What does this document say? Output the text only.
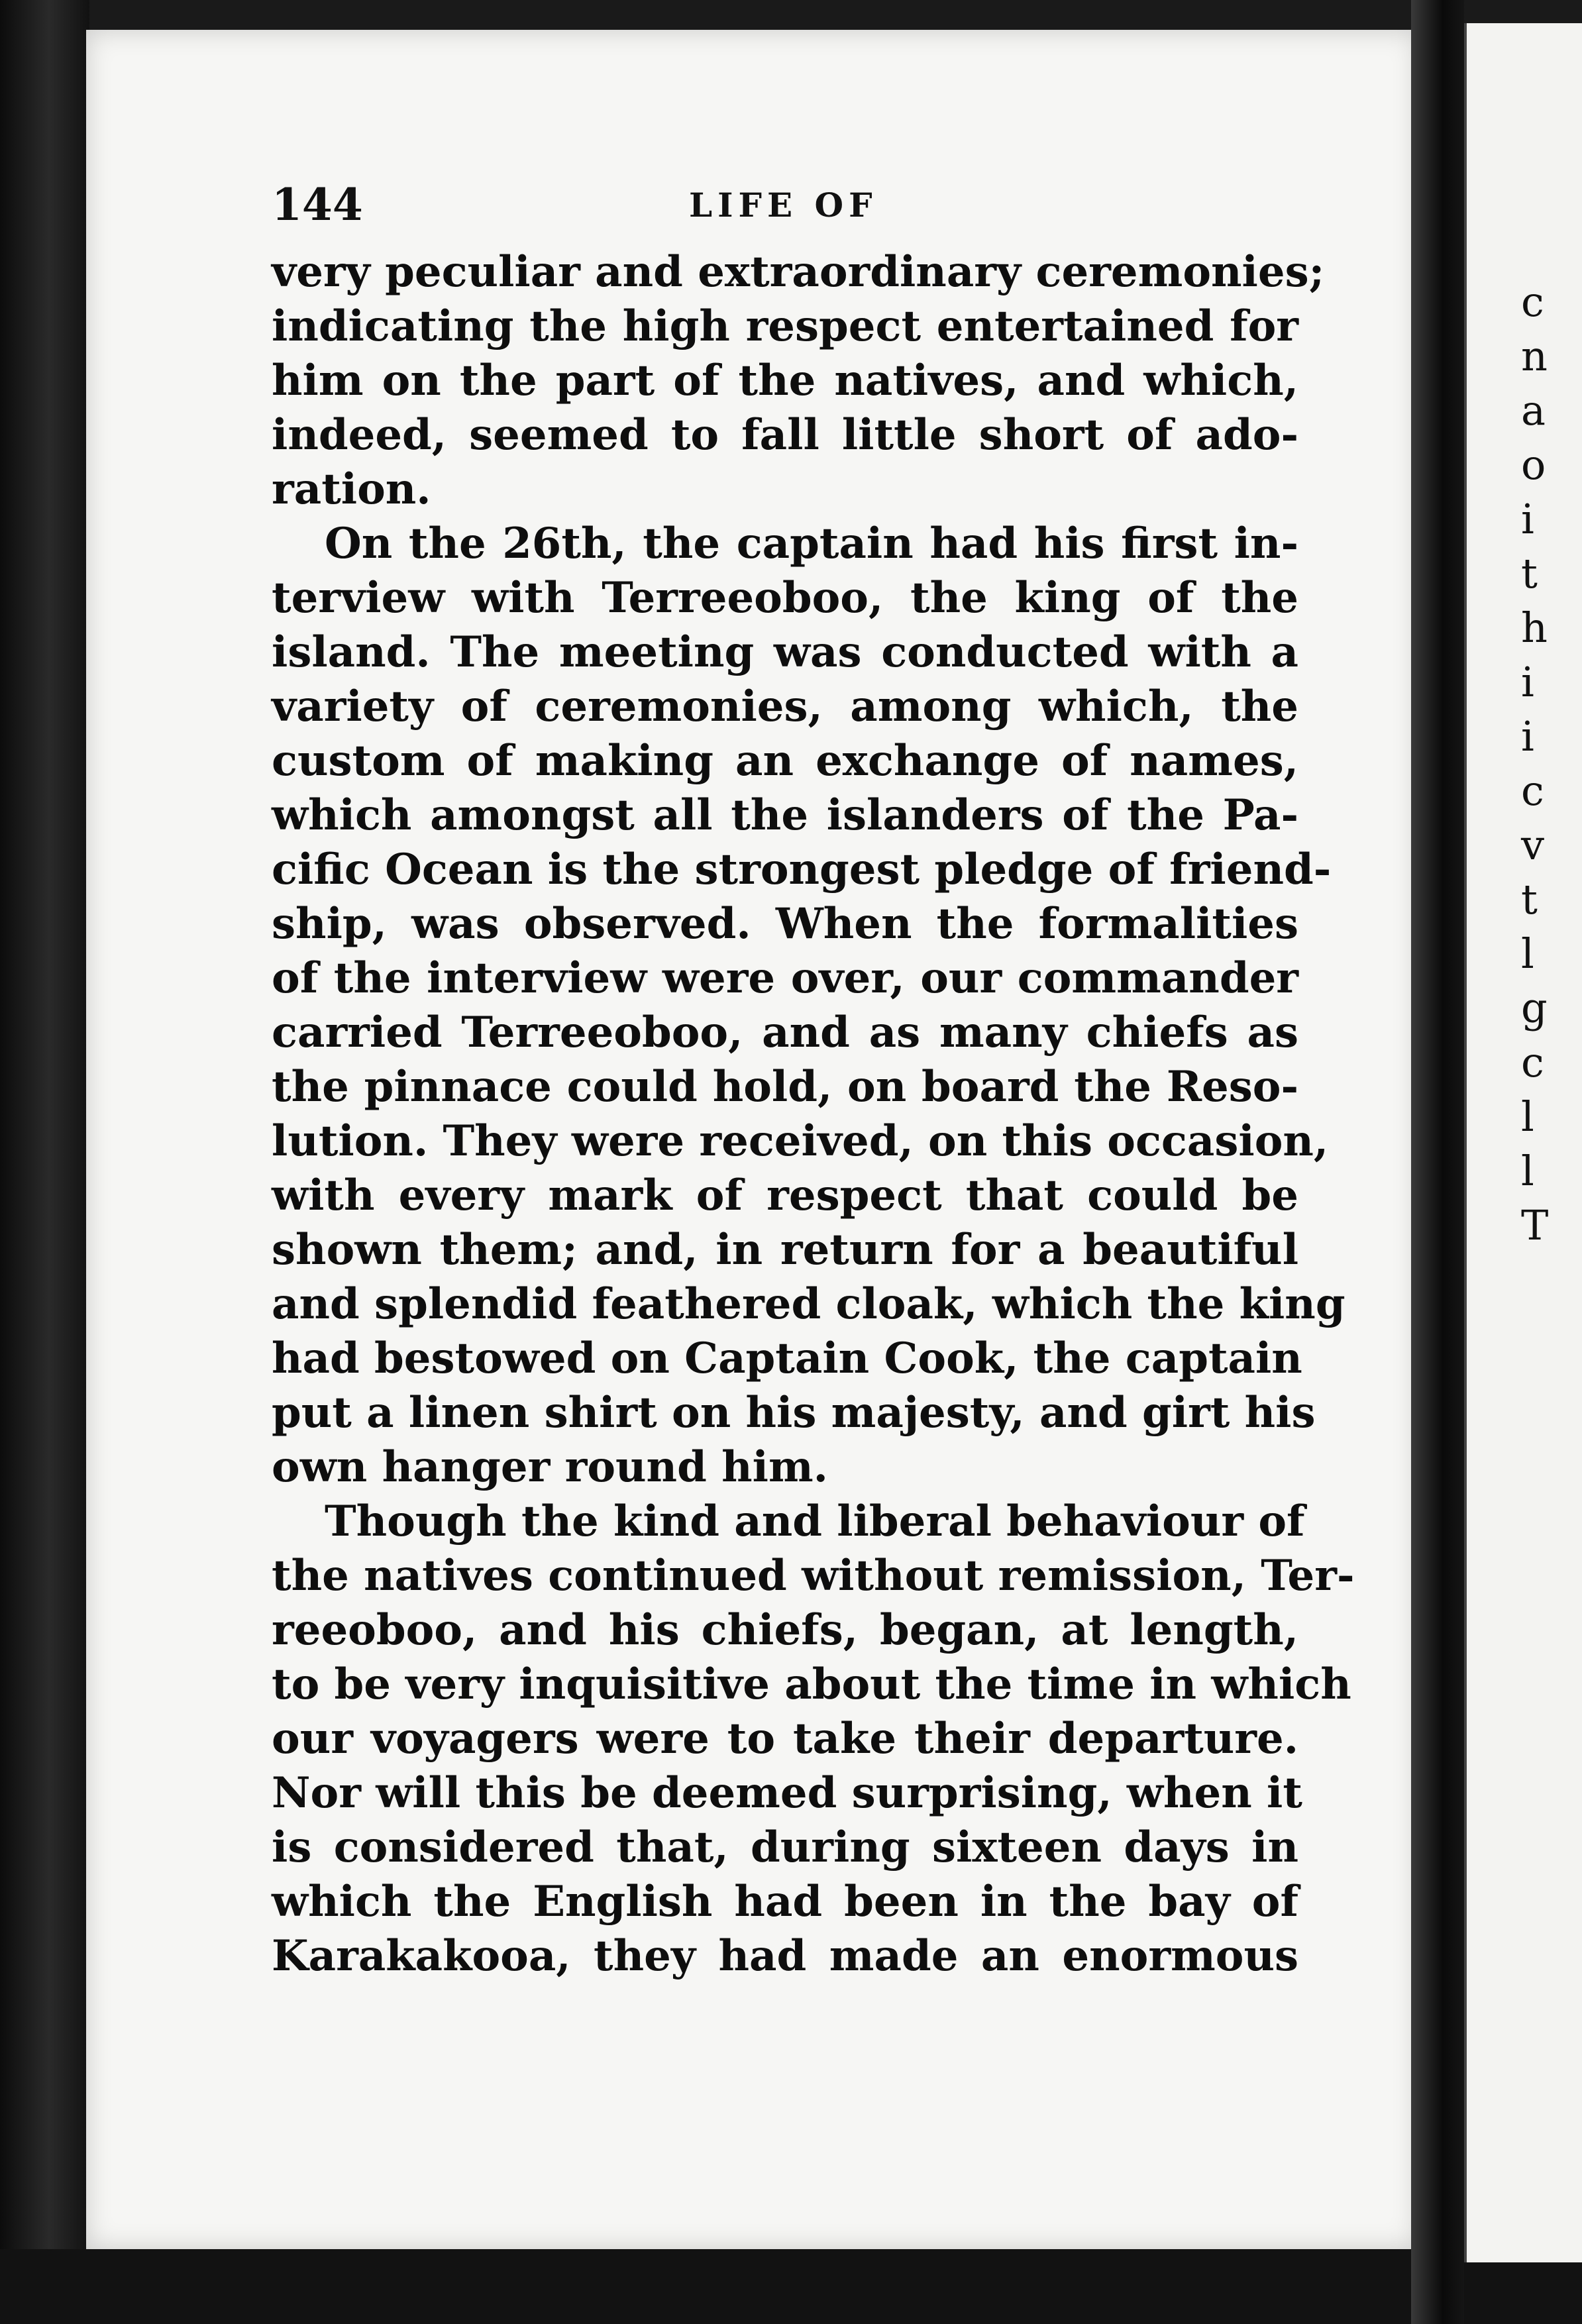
c
n
a
o
i
t
h
i
i
c
v
t
l
g
c
l
l
T
144	LIFE OF
very peculiar and extraordinary ceremonies;
indicating the high respect entertained for
him on the part of the natives, and which,
indeed, seemed to fall little short of ado-
ration.
On the 26th, the captain had his first in-
terview with Terreeoboo, the king of the
island. The meeting was conducted with a
variety of ceremonies, among which, the
custom of making an exchange of names,
which amongst all the islanders of the Pa-
cific Ocean is the strongest pledge of friend-
ship, was observed. When the formalities
of the interview were over, our commander
carried Terreeoboo, and as many chiefs as
the pinnace could hold, on board the Reso-
lution. They were received, on this occasion,
with every mark of respect that could be
shown them; and, in return for a beautiful
and splendid feathered cloak, which the king
had bestowed on Captain Cook, the captain
put a linen shirt on his majesty, and girt his
own hanger round him.
Though the kind and liberal behaviour of
the natives continued without remission, Ter-
reeoboo, and his chiefs, began, at length,
to be very inquisitive about the time in which
our voyagers were to take their departure.
Nor will this be deemed surprising, when it
is considered that, during sixteen days in
which the English had been in the bay of
Karakakooa, they had made an enormous
